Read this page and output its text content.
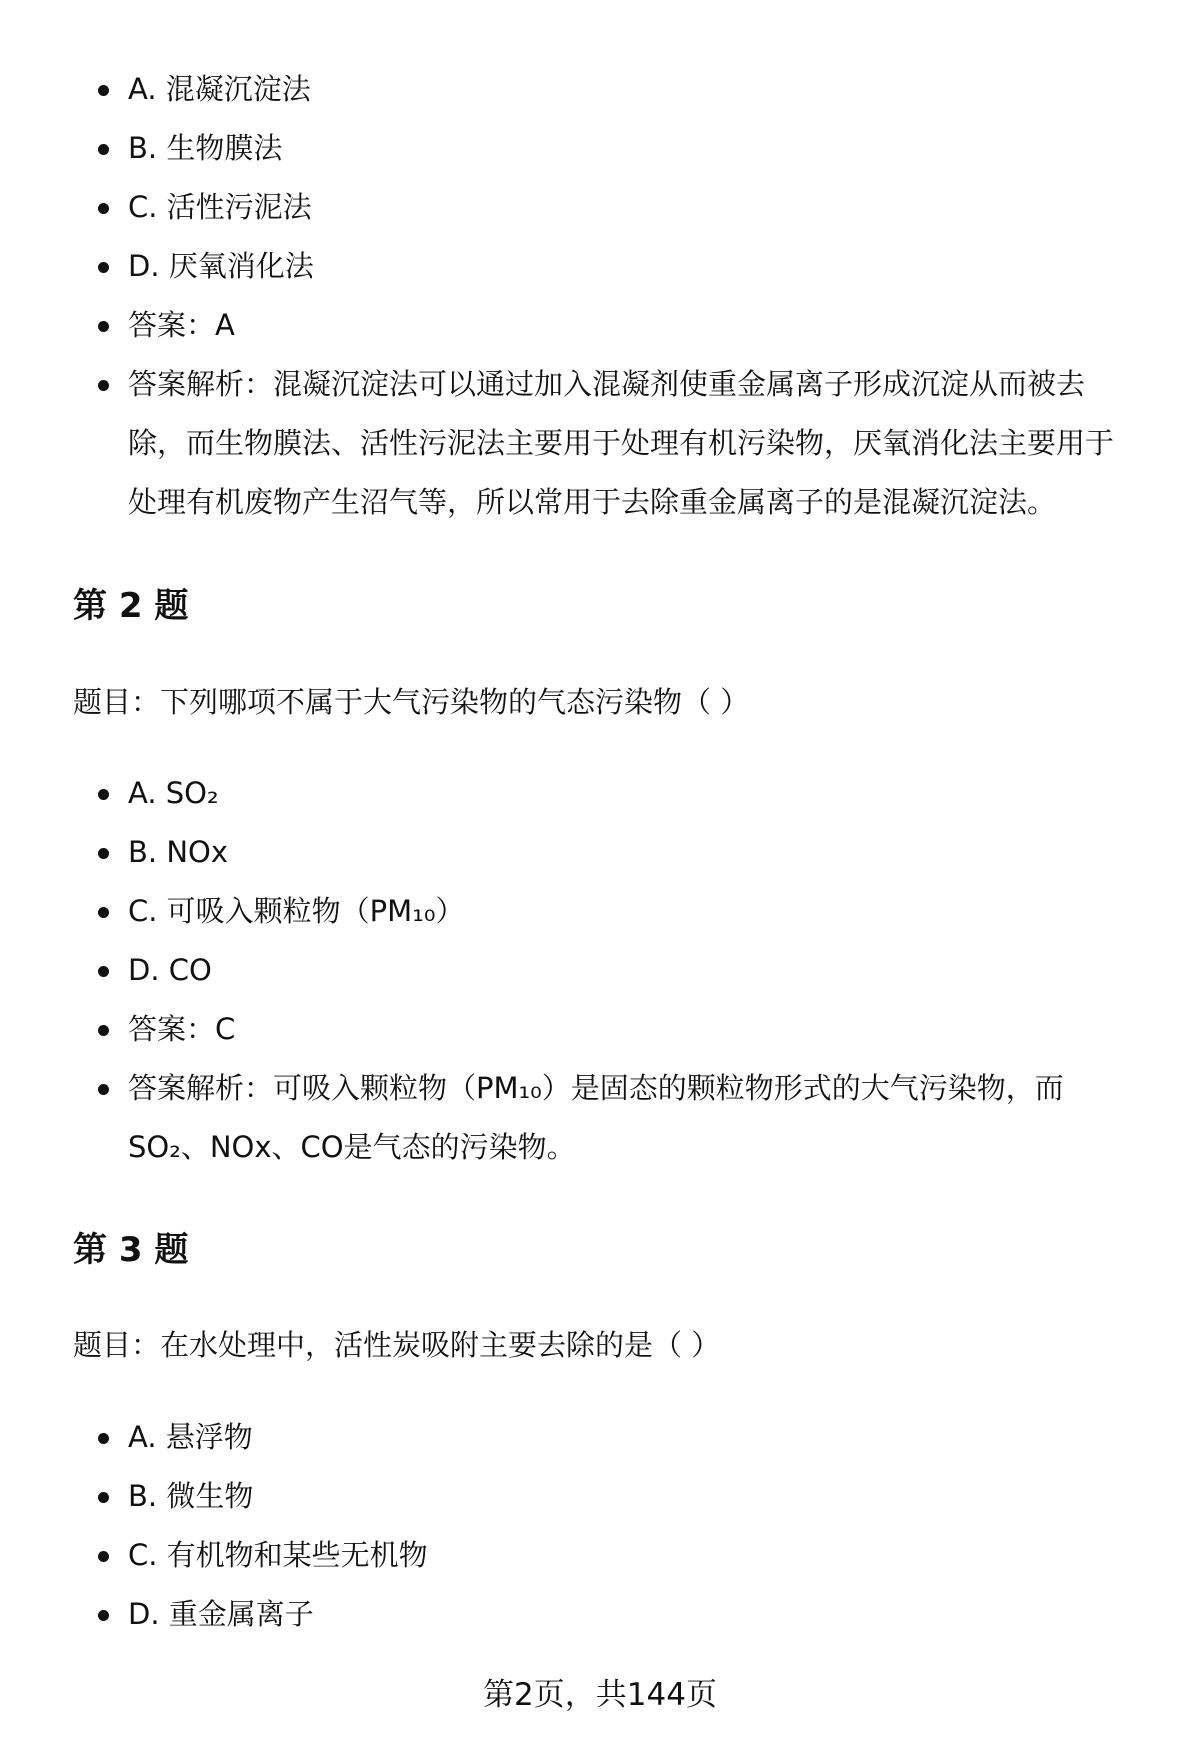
A. 混凝沉淀法
B. 生物膜法
C. 活性污泥法
D. 厌氧消化法
答案：A
答案解析：混凝沉淀法可以通过加入混凝剂使重金属离子形成沉淀从而被去除，而生物膜法、活性污泥法主要用于处理有机污染物，厌氧消化法主要用于处理有机废物产生沼气等，所以常用于去除重金属离子的是混凝沉淀法。
第 2 题

题目：下列哪项不属于大气污染物的气态污染物（ ）

A. SO₂
B. NOx
C. 可吸入颗粒物（PM₁₀）
D. CO
答案：C
答案解析：可吸入颗粒物（PM₁₀）是固态的颗粒物形式的大气污染物，而SO₂、NOx、CO是气态的污染物。
第 3 题

题目：在水处理中，活性炭吸附主要去除的是（ ）

A. 悬浮物
B. 微生物
C. 有机物和某些无机物
D. 重金属离子
第2页，共144页
